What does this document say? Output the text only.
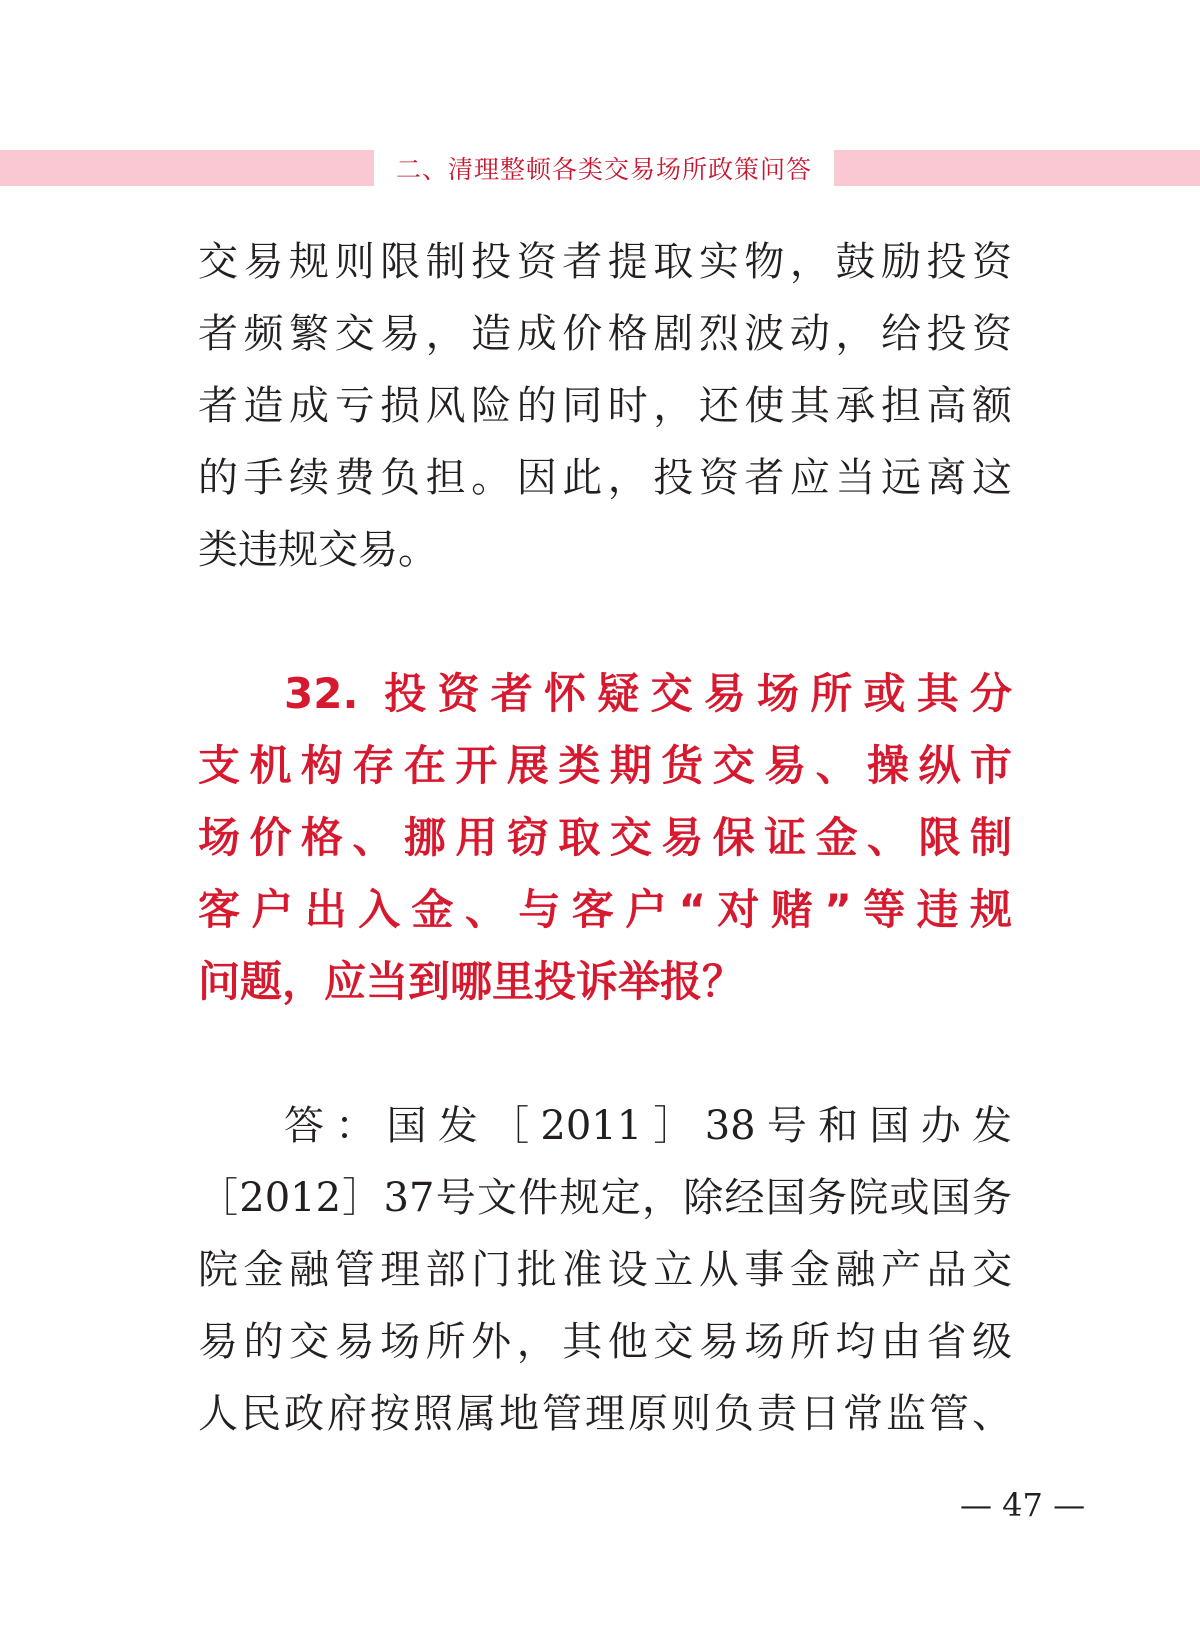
二、清理整顿各类交易场所政策问答
交易规则限制投资者提取实物，鼓励投资
者频繁交易，造成价格剧烈波动，给投资
者造成亏损风险的同时，还使其承担高额
的手续费负担。因此，投资者应当远离这
类违规交易。
32. 投资者怀疑交易场所或其分
支机构存在开展类期货交易、操纵市
场价格、挪用窃取交易保证金、限制
客户出入金、与客户“对赌”等违规
问题，应当到哪里投诉举报？
答：国发［2011］38号和国办发
［2012］37号文件规定，除经国务院或国务
院金融管理部门批准设立从事金融产品交
易的交易场所外，其他交易场所均由省级
人民政府按照属地管理原则负责日常监管、
— 47 —
